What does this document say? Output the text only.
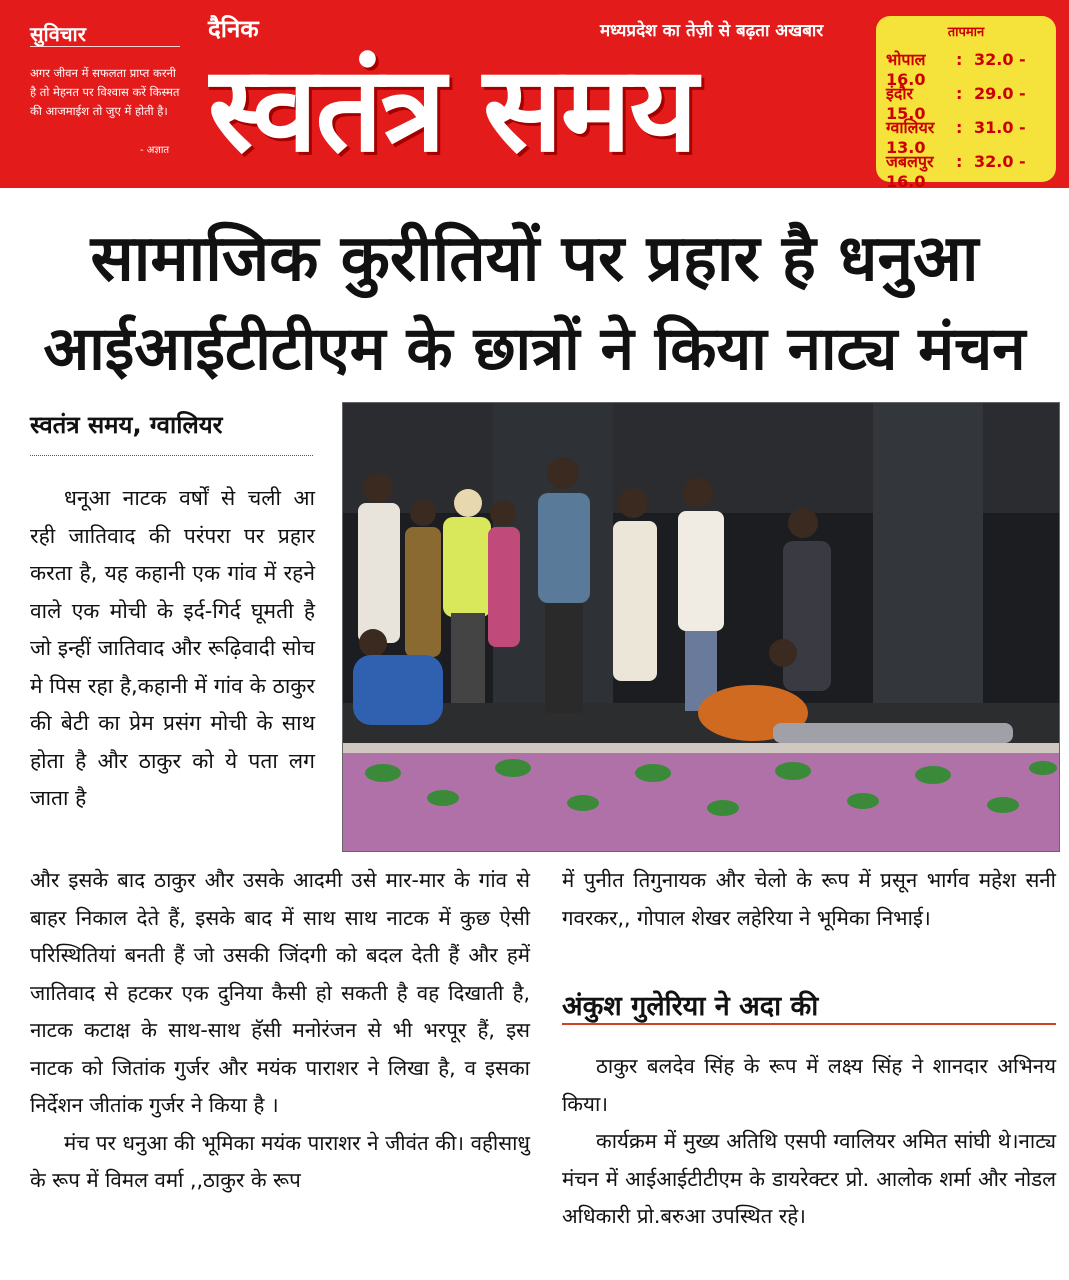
सुविचार
अगर जीवन में सफलता प्राप्त करनी है तो मेहनत पर विश्वास करें किस्मत की आजमाईश तो जुए में होती है।
- अज्ञात
दैनिक	मध्यप्रदेश का तेज़ी से बढ़ता अखबार
स्वतंत्र समय
तापमान
भोपाल : 32.0 - 16.0
इंदौर	: 29.0 - 15.0
ग्वालियर : 31.0 - 13.0
जबलपुर : 32.0 - 16.0
सामाजिक कुरीतियों पर प्रहार है धनुआ
आईआईटीटीएम के छात्रों ने किया नाट्य मंचन
स्वतंत्र समय, ग्वालियर

धनूआ नाटक वर्षों से चली आ रही जातिवाद की परंपरा पर प्रहार करता है, यह कहानी एक गांव में रहने वाले एक मोची के इर्द-गिर्द घूमती है जो इन्हीं जातिवाद और रूढ़िवादी सोच मे पिस रहा है,कहानी में गांव के ठाकुर की बेटी का प्रेम प्रसंग मोची के साथ होता है और ठाकुर को ये पता लग जाता है

और इसके बाद ठाकुर और उसके आदमी उसे मार-मार के गांव से बाहर निकाल देते हैं, इसके बाद में साथ साथ नाटक में कुछ ऐसी परिस्थितियां बनती हैं जो उसकी जिंदगी को बदल देती हैं और हमें जातिवाद से हटकर एक दुनिया कैसी हो सकती है वह दिखाती है, नाटक कटाक्ष के साथ-साथ हॅसी मनोरंजन से भी भरपूर हैं, इस नाटक को जितांक गुर्जर और मयंक पाराशर ने लिखा है, व इसका निर्देशन जीतांक गुर्जर ने किया है ।

मंच पर धनुआ की भूमिका मयंक पाराशर ने जीवंत की। वहीसाधु के रूप में विमल वर्मा ,,ठाकुर के रूप

में पुनीत तिगुनायक और चेलो के रूप में प्रसून भार्गव महेश सनी गवरकर,, गोपाल शेखर लहेरिया ने भूमिका निभाई।

अंकुश गुलेरिया ने अदा की

ठाकुर बलदेव सिंह के रूप में लक्ष्य सिंह ने शानदार अभिनय किया।

कार्यक्रम में मुख्य अतिथि एसपी ग्वालियर अमित सांघी थे।नाट्य मंचन में आईआईटीटीएम के डायरेक्टर प्रो. आलोक शर्मा और नोडल अधिकारी प्रो.बरुआ उपस्थित रहे।
